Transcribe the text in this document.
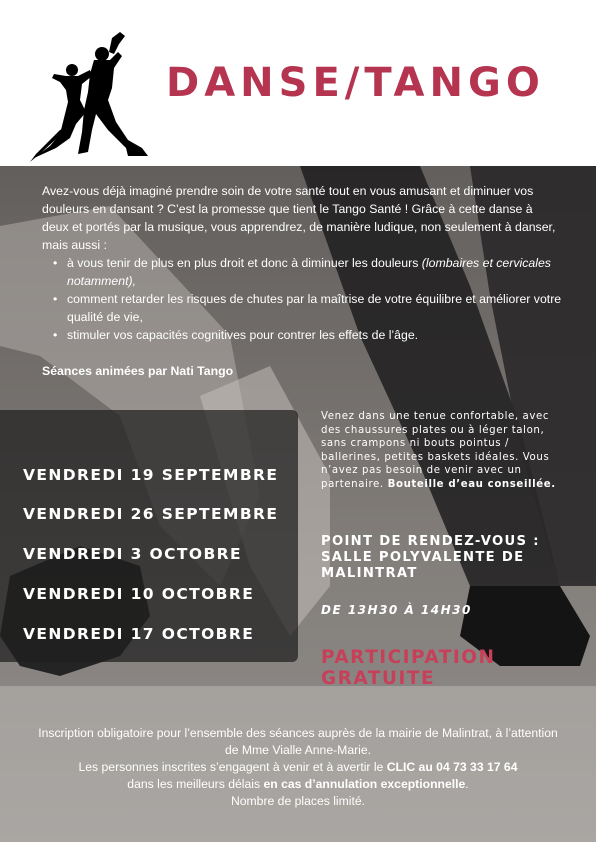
DANSE/TANGO

Avez-vous déjà imaginé prendre soin de votre santé tout en vous amusant et diminuer vos douleurs en dansant ? C’est la promesse que tient le Tango Santé ! Grâce à cette danse à deux et portés par la musique, vous apprendrez, de manière ludique, non seulement à danser, mais aussi :

• à vous tenir de plus en plus droit et donc à diminuer les douleurs (lombaires et cervicales notamment),
• comment retarder les risques de chutes par la maîtrise de votre équilibre et améliorer votre qualité de vie,
• stimuler vos capacités cognitives pour contrer les effets de l’âge.
Séances animées par Nati Tango
VENDREDI 19 SEPTEMBRE
VENDREDI 26 SEPTEMBRE
VENDREDI 3 OCTOBRE
VENDREDI 10 OCTOBRE
VENDREDI 17 OCTOBRE
Venez dans une tenue confortable, avec des chaussures plates ou à léger talon, sans crampons ni bouts pointus / ballerines, petites baskets idéales. Vous n’avez pas besoin de venir avec un partenaire. Bouteille d’eau conseillée.
POINT DE RENDEZ-VOUS : SALLE POLYVALENTE DE MALINTRAT
DE 13H30 À 14H30
PARTICIPATION GRATUITE

Inscription obligatoire pour l’ensemble des séances auprès de la mairie de Malintrat, à l’attention de Mme Vialle Anne-Marie.

Les personnes inscrites s’engagent à venir et à avertir le CLIC au 04 73 33 17 64

dans les meilleurs délais en cas d’annulation exceptionnelle.

Nombre de places limité.
